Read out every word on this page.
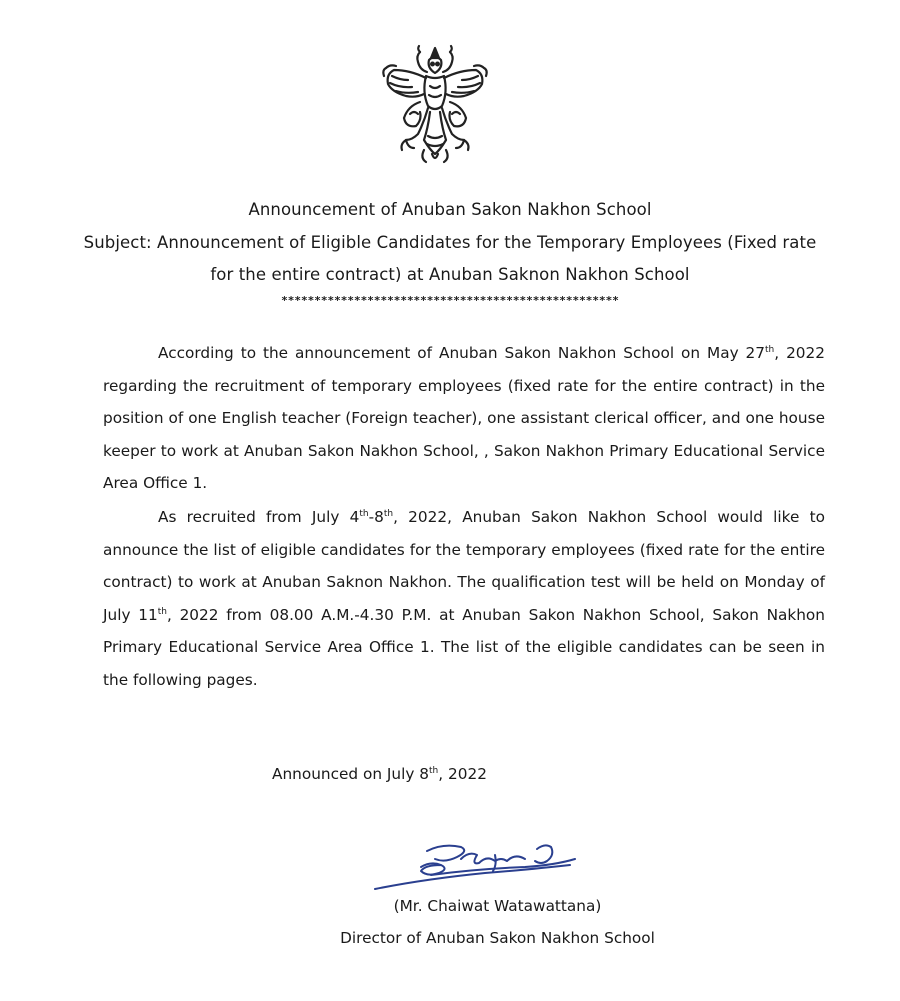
Announcement of Anuban Sakon Nakhon School
Subject: Announcement of Eligible Candidates for the Temporary Employees (Fixed rate
for the entire contract) at Anuban Saknon Nakhon School
***************************************************
According to the announcement of Anuban Sakon Nakhon School on May 27th, 2022 regarding the recruitment of temporary employees (fixed rate for the entire contract) in the position of one English teacher (Foreign teacher), one assistant clerical officer, and one house keeper to work at Anuban Sakon Nakhon School, , Sakon Nakhon Primary Educational Service Area Office 1.
As recruited from July 4th-8th, 2022, Anuban Sakon Nakhon School would like to announce the list of eligible candidates for the temporary employees (fixed rate for the entire contract) to work at Anuban Saknon Nakhon. The qualification test will be held on Monday of July 11th, 2022 from 08.00 A.M.-4.30 P.M. at Anuban Sakon Nakhon School, Sakon Nakhon Primary Educational Service Area Office 1. The list of the eligible candidates can be seen in the following pages.
Announced on July 8th, 2022
(Mr. Chaiwat Watawattana)
Director of Anuban Sakon Nakhon School
